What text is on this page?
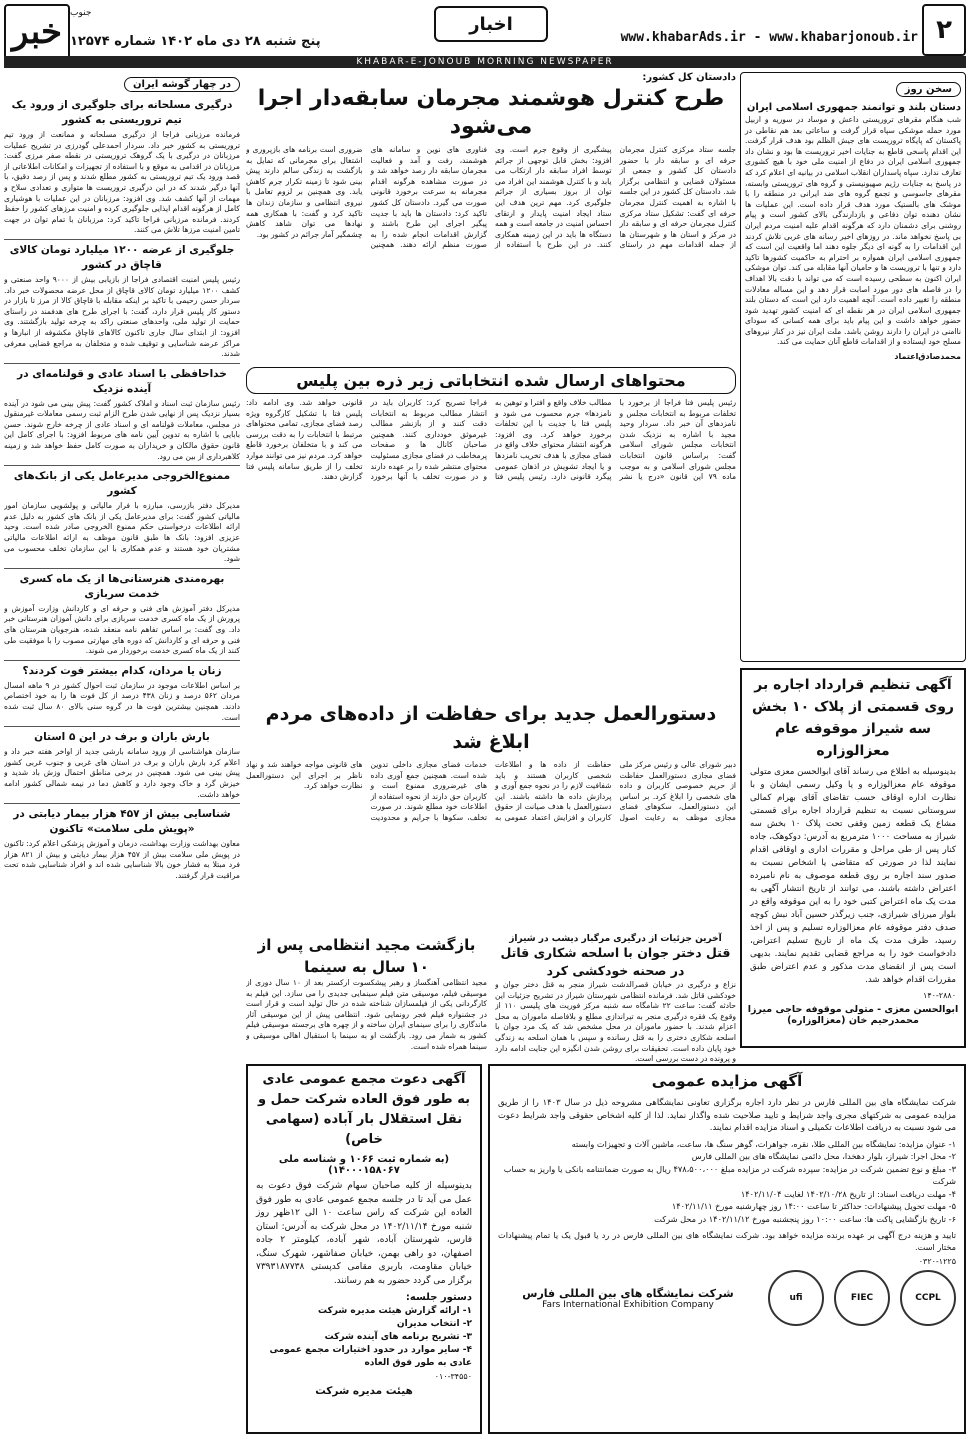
خبر جنوب
پنج شنبه ۲۸ دی ماه ۱۴۰۲ شماره ۱۲۵۷۴
اخبار
www.khabarAds.ir - www.khabarjonoub.ir ۲
KHABAR-E-JONOUB MORNING NEWSPAPER
سخن روز
دستان بلند و توانمند جمهوری اسلامی ایران

شب هنگام مقرهای تروریستی داعش و موساد در سوریه و اربیل مورد حمله موشکی سپاه قرار گرفت و ساعاتی بعد هم نقاطی در پاکستان که پایگاه تروریست های جیش الظلم بود هدف قرار گرفت. این اقدام پاسخی قاطع به جنایات اخیر تروریست ها بود و نشان داد جمهوری اسلامی ایران در دفاع از امنیت ملی خود با هیچ کشوری تعارف ندارد. سپاه پاسداران انقلاب اسلامی در بیانیه ای اعلام کرد که در پاسخ به جنایات رژیم صهیونیستی و گروه های تروریستی وابسته، مقرهای جاسوسی و تجمع گروه های ضد ایرانی در منطقه را با موشک های بالستیک مورد هدف قرار داده است. این عملیات ها نشان دهنده توان دفاعی و بازدارندگی بالای کشور است و پیام روشنی برای دشمنان دارد که هرگونه اقدام علیه امنیت مردم ایران بی پاسخ نخواهد ماند. در روزهای اخیر رسانه های غربی تلاش کردند این اقدامات را به گونه ای دیگر جلوه دهند اما واقعیت این است که جمهوری اسلامی ایران همواره بر احترام به حاکمیت کشورها تاکید دارد و تنها با تروریست ها و حامیان آنها مقابله می کند. توان موشکی ایران اکنون به سطحی رسیده است که می تواند با دقت بالا اهداف را در فاصله های دور مورد اصابت قرار دهد و این مساله معادلات منطقه را تغییر داده است. آنچه اهمیت دارد این است که دستان بلند جمهوری اسلامی ایران در هر نقطه ای که امنیت کشور تهدید شود حضور خواهد داشت و این پیام باید برای همه کسانی که سودای ناامنی در ایران را دارند روشن باشد. ملت ایران نیز در کنار نیروهای مسلح خود ایستاده و از اقدامات قاطع آنان حمایت می کند.

محمدصادق‌اعتماد
آگهی تنظیم قرارداد اجاره بر روی قسمتی از پلاک ۱۰ بخش سه شیراز موقوفه عام معزالوزاره
بدینوسیله به اطلاع می رساند آقای ابوالحسن معزی متولی موقوفه عام معزالوزاره و یا وکیل رسمی ایشان و با نظارت اداره اوقاف حسب تقاضای آقای بهرام کمالی سروستانی نسبت به تنظیم قرارداد اجاره برای قسمتی مشاع یک قطعه زمین وقفی تحت پلاک ۱۰ بخش سه شیراز به مساحت ۱۰۰۰ مترمربع به آدرس: دوکوهک، جاده کنار پس از طی مراحل و مقررات اداری و اوقافی اقدام نمایند لذا در صورتی که متقاضی یا اشخاص نسبت به صدور سند اجاره بر روی قطعه موصوف به نام نامبرده اعتراض داشته باشند، می توانند از تاریخ انتشار آگهی به مدت یک ماه اعتراض کتبی خود را به این موقوفه واقع در بلوار میرزای شیرازی، جنب زیرگذر حسین آباد نبش کوچه صدف دفتر موقوفه عام معزالوزاره تسلیم و پس از اخذ رسید، ظرف مدت یک ماه از تاریخ تسلیم اعتراض، دادخواست خود را به مراجع قضایی تقدیم نمایند. بدیهی است پس از انقضای مدت مذکور و عدم اعتراض طبق مقررات اقدام خواهد شد.
۱۴۰-۲۸۸۰
ابوالحسن معزی - متولی موقوفه حاجی میرزا محمدرحیم خان (معزالوزاره)
در چهار گوشه ایران
درگیری مسلحانه برای جلوگیری از ورود یک تیم تروریستی به کشور

فرمانده مرزبانی فراجا از درگیری مسلحانه و ممانعت از ورود تیم تروریستی به کشور خبر داد. سردار احمدعلی گودرزی در تشریح عملیات مرزبانان در درگیری با یک گروهک تروریستی در نقطه صفر مرزی گفت: مرزبانان در اقدامی به موقع و با استفاده از تجهیزات و امکانات اطلاعاتی از قصد ورود یک تیم تروریستی به کشور مطلع شدند و پس از رصد دقیق، با آنها درگیر شدند که در این درگیری تروریست ها متواری و تعدادی سلاح و مهمات از آنها کشف شد. وی افزود: مرزبانان در این عملیات با هوشیاری کامل از هرگونه اقدام ایذایی جلوگیری کرده و امنیت مرزهای کشور را حفظ کردند. فرمانده مرزبانی فراجا تاکید کرد: مرزبانان با تمام توان در جهت تامین امنیت مرزها تلاش می کنند.

جلوگیری از عرضه ۱۲۰۰ میلیارد تومان کالای قاچاق در کشور

رئیس پلیس امنیت اقتصادی فراجا از بازیابی بیش از ۹۰۰۰ واحد صنعتی و کشف ۱۲۰۰ میلیارد تومان کالای قاچاق از محل عرضه محصولات خبر داد. سردار حسن رحیمی با تاکید بر اینکه مقابله با قاچاق کالا از مرز تا بازار در دستور کار پلیس قرار دارد، گفت: با اجرای طرح های هدفمند در راستای حمایت از تولید ملی، واحدهای صنعتی راکد به چرخه تولید بازگشتند. وی افزود: از ابتدای سال جاری تاکنون کالاهای قاچاق مکشوفه از انبارها و مراکز عرضه شناسایی و توقیف شده و متخلفان به مراجع قضایی معرفی شدند.

خداحافظی با اسناد عادی و قولنامه‌ای در آینده نزدیک

رئیس سازمان ثبت اسناد و املاک کشور گفت: پیش بینی می شود در آینده بسیار نزدیک پس از نهایی شدن طرح الزام ثبت رسمی معاملات غیرمنقول در مجلس، معاملات قولنامه ای و اسناد عادی از چرخه خارج شوند. حسن بابایی با اشاره به تدوین آیین نامه های مربوط افزود: با اجرای کامل این قانون حقوق مالکان و خریداران به صورت کامل حفظ خواهد شد و زمینه کلاهبرداری از بین می رود.

ممنوع‌الخروجی مدیرعامل یکی از بانک‌های کشور

مدیرکل دفتر بازرسی، مبارزه با فرار مالیاتی و پولشویی سازمان امور مالیاتی کشور گفت: برای مدیرعامل یکی از بانک های کشور به دلیل عدم ارائه اطلاعات درخواستی حکم ممنوع الخروجی صادر شده است. وحید عزیزی افزود: بانک ها طبق قانون موظف به ارائه اطلاعات مالیاتی مشتریان خود هستند و عدم همکاری با این سازمان تخلف محسوب می شود.

بهره‌مندی هنرستانی‌ها از یک ماه کسری خدمت سربازی

مدیرکل دفتر آموزش های فنی و حرفه ای و کاردانش وزارت آموزش و پرورش از یک ماه کسری خدمت سربازی برای دانش آموزان هنرستانی خبر داد. وی گفت: بر اساس تفاهم نامه منعقد شده، هنرجویان هنرستان های فنی و حرفه ای و کاردانش که دوره های مهارتی مصوب را با موفقیت طی کنند از یک ماه کسری خدمت برخوردار می شوند.

زنان یا مردان، کدام بیشتر فوت کردند؟

بر اساس اطلاعات موجود در سازمان ثبت احوال کشور در ۹ ماهه امسال مردان ۵۶۲ درصد و زنان ۴۳۸ درصد از کل فوت ها را به خود اختصاص دادند. همچنین بیشترین فوت ها در گروه سنی بالای ۸۰ سال ثبت شده است.

بارش باران و برف در این ۵ استان

سازمان هواشناسی از ورود سامانه بارشی جدید از اواخر هفته خبر داد و اعلام کرد بارش باران و برف در استان های غربی و جنوب غربی کشور پیش بینی می شود. همچنین در برخی مناطق احتمال وزش باد شدید و خیزش گرد و خاک وجود دارد و کاهش دما در نیمه شمالی کشور ادامه خواهد داشت.

شناسایی بیش از ۴۵۷ هزار بیمار دیابتی در «پویش ملی سلامت» تاکنون

معاون بهداشت وزارت بهداشت، درمان و آموزش پزشکی اعلام کرد: تاکنون در پویش ملی سلامت بیش از ۴۵۷ هزار بیمار دیابتی و بیش از ۸۲۱ هزار فرد مبتلا به فشار خون بالا شناسایی شده اند و افراد شناسایی شده تحت مراقبت قرار گرفتند.

دادستان کل کشور:

طرح کنترل هوشمند مجرمان سابقه‌دار اجرا می‌شود

جلسه ستاد مرکزی کنترل مجرمان حرفه ای و سابقه دار با حضور دادستان کل کشور و جمعی از مسئولان قضایی و انتظامی برگزار شد. دادستان کل کشور در این جلسه با اشاره به اهمیت کنترل مجرمان حرفه ای گفت: تشکیل ستاد مرکزی کنترل مجرمان حرفه ای و سابقه دار در مرکز و استان ها و شهرستان ها از جمله اقدامات مهم در راستای پیشگیری از وقوع جرم است. وی افزود: بخش قابل توجهی از جرائم توسط افراد سابقه دار ارتکاب می یابد و با کنترل هوشمند این افراد می توان از بروز بسیاری از جرائم جلوگیری کرد. مهم ترین هدف این ستاد ایجاد امنیت پایدار و ارتقای احساس امنیت در جامعه است و همه دستگاه ها باید در این زمینه همکاری کنند. در این طرح با استفاده از فناوری های نوین و سامانه های هوشمند، رفت و آمد و فعالیت مجرمان سابقه دار رصد خواهد شد و در صورت مشاهده هرگونه اقدام مجرمانه به سرعت برخورد قانونی صورت می گیرد. دادستان کل کشور تاکید کرد: دادستان ها باید با جدیت پیگیر اجرای این طرح باشند و گزارش اقدامات انجام شده را به صورت منظم ارائه دهند. همچنین ضروری است برنامه های بازپروری و اشتغال برای مجرمانی که تمایل به بازگشت به زندگی سالم دارند پیش بینی شود تا زمینه تکرار جرم کاهش یابد. وی همچنین بر لزوم تعامل با نیروی انتظامی و سازمان زندان ها تاکید کرد و گفت: با همکاری همه نهادها می توان شاهد کاهش چشمگیر آمار جرائم در کشور بود.

محتواهای ارسال شده انتخاباتی زیر ذره بین پلیس

رئیس پلیس فتا فراجا از برخورد با تخلفات مربوط به انتخابات مجلس و نامزدهای آن خبر داد. سردار وحید مجید با اشاره به نزدیک شدن انتخابات مجلس شورای اسلامی گفت: براساس قانون انتخابات مجلس شورای اسلامی و به موجب ماده ۷۹ این قانون «درج یا نشر مطالب خلاف واقع و افترا و توهین به نامزدها» جرم محسوب می شود و پلیس فتا با جدیت با این تخلفات برخورد خواهد کرد. وی افزود: هرگونه انتشار محتوای خلاف واقع در فضای مجازی با هدف تخریب نامزدها و یا ایجاد تشویش در اذهان عمومی پیگرد قانونی دارد. رئیس پلیس فتا فراجا تصریح کرد: کاربران باید در انتشار مطالب مربوط به انتخابات دقت کنند و از بازنشر مطالب غیرموثق خودداری کنند. همچنین صاحبان کانال ها و صفحات پرمخاطب در فضای مجازی مسئولیت محتوای منتشر شده را بر عهده دارند و در صورت تخلف با آنها برخورد قانونی خواهد شد. وی ادامه داد: پلیس فتا با تشکیل کارگروه ویژه رصد فضای مجازی، تمامی محتواهای مرتبط با انتخابات را به دقت بررسی می کند و با متخلفان برخورد قاطع خواهد کرد. مردم نیز می توانند موارد تخلف را از طریق سامانه پلیس فتا گزارش دهند.

دستورالعمل جدید برای حفاظت از داده‌های مردم ابلاغ شد

دبیر شورای عالی و رئیس مرکز ملی فضای مجازی دستورالعمل حفاظت از حریم خصوصی کاربران و داده های شخصی را ابلاغ کرد. بر اساس این دستورالعمل، سکوهای فضای مجازی موظف به رعایت اصول حفاظت از داده ها و اطلاعات شخصی کاربران هستند و باید شفافیت لازم را در نحوه جمع آوری و پردازش داده ها داشته باشند. این دستورالعمل با هدف صیانت از حقوق کاربران و افزایش اعتماد عمومی به خدمات فضای مجازی داخلی تدوین شده است. همچنین جمع آوری داده های غیرضروری ممنوع است و کاربران حق دارند از نحوه استفاده از اطلاعات خود مطلع شوند. در صورت تخلف، سکوها با جرایم و محدودیت های قانونی مواجه خواهند شد و نهاد ناظر بر اجرای این دستورالعمل نظارت خواهد کرد.

آخرین جزئیات از درگیری مرگبار دیشب در شیراز
قتل دختر جوان با اسلحه شکاری قاتل در صحنه خودکشی کرد

نزاع و درگیری در خیابان قصرالدشت شیراز منجر به قتل دختر جوان و خودکشی قاتل شد. فرمانده انتظامی شهرستان شیراز در تشریح جزئیات این حادثه گفت: ساعت ۲۲ شامگاه سه شنبه مرکز فوریت های پلیسی ۱۱۰ از وقوع یک فقره درگیری منجر به تیراندازی مطلع و بلافاصله ماموران به محل اعزام شدند. با حضور ماموران در محل مشخص شد که یک مرد جوان با اسلحه شکاری دختری را به قتل رسانده و سپس با همان اسلحه به زندگی خود پایان داده است. تحقیقات برای روشن شدن انگیزه این جنایت ادامه دارد و پرونده در دست بررسی است.

بازگشت مجید انتظامی پس از ۱۰ سال به سینما

مجید انتظامی آهنگساز و رهبر پیشکسوت ارکستر بعد از ۱۰ سال دوری از موسیقی فیلم، موسیقی متن فیلم سینمایی جدیدی را می سازد. این فیلم به کارگردانی یکی از فیلمسازان شناخته شده در حال تولید است و قرار است در جشنواره فیلم فجر رونمایی شود. انتظامی پیش از این موسیقی آثار ماندگاری را برای سینمای ایران ساخته و از چهره های برجسته موسیقی فیلم کشور به شمار می رود. بازگشت او به سینما با استقبال اهالی موسیقی و سینما همراه شده است.

آگهی دعوت مجمع عمومی عادی به طور فوق العاده شرکت حمل و نقل استقلال بار آباده (سهامی خاص)
(به شماره ثبت ۱۰۶۶ و شناسه ملی ۱۴۰۰۰۱۵۸۰۶۷)
بدینوسیله از کلیه صاحبان سهام شرکت فوق دعوت به عمل می آید تا در جلسه مجمع عمومی عادی به طور فوق العاده این شرکت که راس ساعت ۱۰ الی ۱۲ظهر روز شنبه مورخ ۱۴۰۲/۱۱/۱۴ در محل شرکت به آدرس: استان فارس، شهرستان آباده، شهر آباده، کیلومتر ۲ جاده اصفهان، دو راهی بهمن، خیابان صفاشهر، شهرک سنگ، خیابان مقاومت، باربری مقامی کدپستی ۷۳۹۳۱۸۷۷۳۸ برگزار می گردد حضور به هم رسانند.
دستور جلسه:
۱- ارائه گزارش هیئت مدیره شرکت
۲- انتخاب مدیران
۳- تشریح برنامه های آینده شرکت
۴- سایر موارد در حدود اختیارات مجمع عمومی عادی به طور فوق العاده
۰۱۰-۳۴۵۵۰
هیئت مدیره شرکت
آگهی مزایده عمومی
شرکت نمایشگاه های بین المللی فارس در نظر دارد اجاره برگزاری تعاونی نمایشگاهی مشروحه ذیل در سال ۱۴۰۳ را از طریق مزایده عمومی به شرکتهای مجری واجد شرایط و تایید صلاحیت شده واگذار نماید. لذا از کلیه اشخاص حقوقی واجد شرایط دعوت می شود نسبت به دریافت اطلاعات تکمیلی و اسناد مزایده اقدام نمایند.
۱- عنوان مزایده: نمایشگاه بین المللی طلا، نقره، جواهرات، گوهر سنگ ها، ساعت، ماشین آلات و تجهیزات وابسته
۲- محل اجرا: شیراز، بلوار دهخدا، محل دائمی نمایشگاه های بین المللی فارس
۳- مبلغ و نوع تضمین شرکت در مزایده: سپرده شرکت در مزایده مبلغ ۴۷۸،۵۰۰،۰۰۰ ریال به صورت ضمانتنامه بانکی یا واریز به حساب شرکت
۴- مهلت دریافت اسناد: از تاریخ ۱۴۰۲/۱۰/۲۸ لغایت ۱۴۰۲/۱۱/۰۴
۵- مهلت تحویل پیشنهادات: حداکثر تا ساعت ۱۴:۰۰ روز چهارشنبه مورخ ۱۴۰۲/۱۱/۱۱
۶- تاریخ بازگشایی پاکت ها: ساعت ۱۰:۰۰ روز پنجشنبه مورخ ۱۴۰۲/۱۱/۱۲ در محل شرکت
تایید و هزینه درج آگهی بر عهده برنده مزایده خواهد بود. شرکت نمایشگاه های بین المللی فارس در رد یا قبول یک یا تمام پیشنهادات مختار است.
۰۳۲۰-۱۲۲۵
CCPL
FIEC
ufi
شرکت نمایشگاه های بین المللی فارس
Fars International Exhibition Company
